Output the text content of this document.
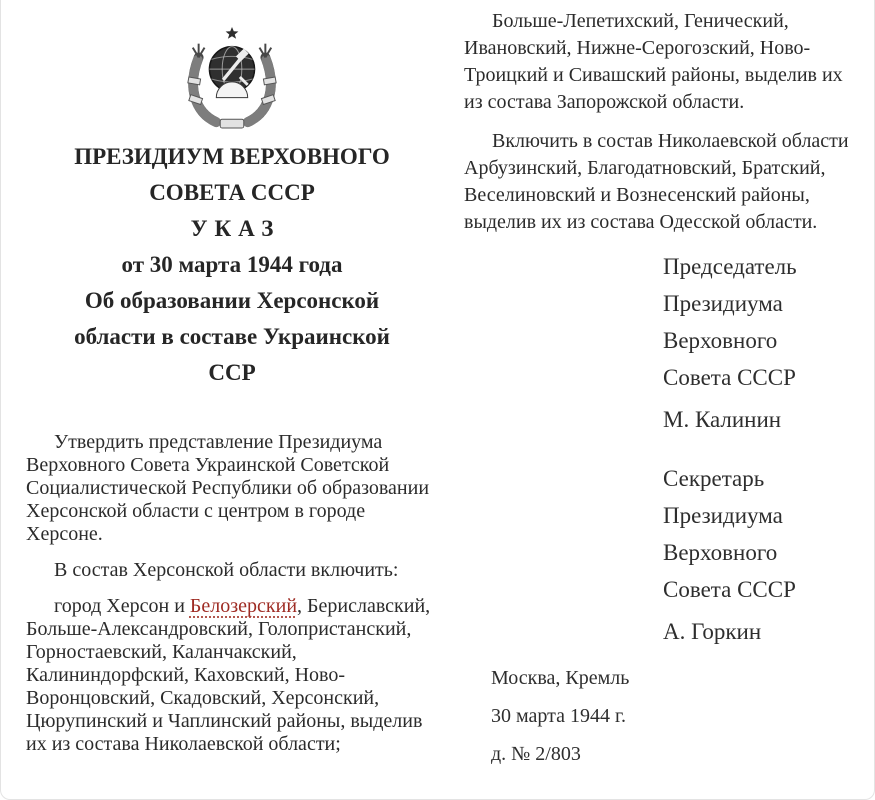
ПРЕЗИДИУМ ВЕРХОВНОГО
СОВЕТА СССР
УКАЗ
от 30 марта 1944 года
Об образовании Херсонской
области в составе Украинской
ССР

Утвердить представление Президиума Верховного Совета Украинской Советской Социалистической Республики об образовании Херсонской области с центром в городе Херсоне.

В состав Херсонской области включить:

город Херсон и Белозерский, Бериславский, Больше-Александровский, Голопристанский, Горностаевский, Каланчакский, Калининдорфский, Каховский, Ново-Воронцовский, Скадовский, Херсонский, Цюрупинский и Чаплинский районы, выделив их из состава Николаевской области;

Больше-Лепетихский, Генический, Ивановский, Нижне-Серогозский, Ново-Троицкий и Сивашский районы, выделив их из состава Запорожской области.

Включить в состав Николаевской области Арбузинский, Благодатновский, Братский, Веселиновский и Вознесенский районы, выделив их из состава Одесской области.

Председатель
Президиума
Верховного
Совета СССР
М. Калинин
Секретарь
Президиума
Верховного
Совета СССР
А. Горкин
Москва, Кремль
30 марта 1944 г.
д. № 2/803
